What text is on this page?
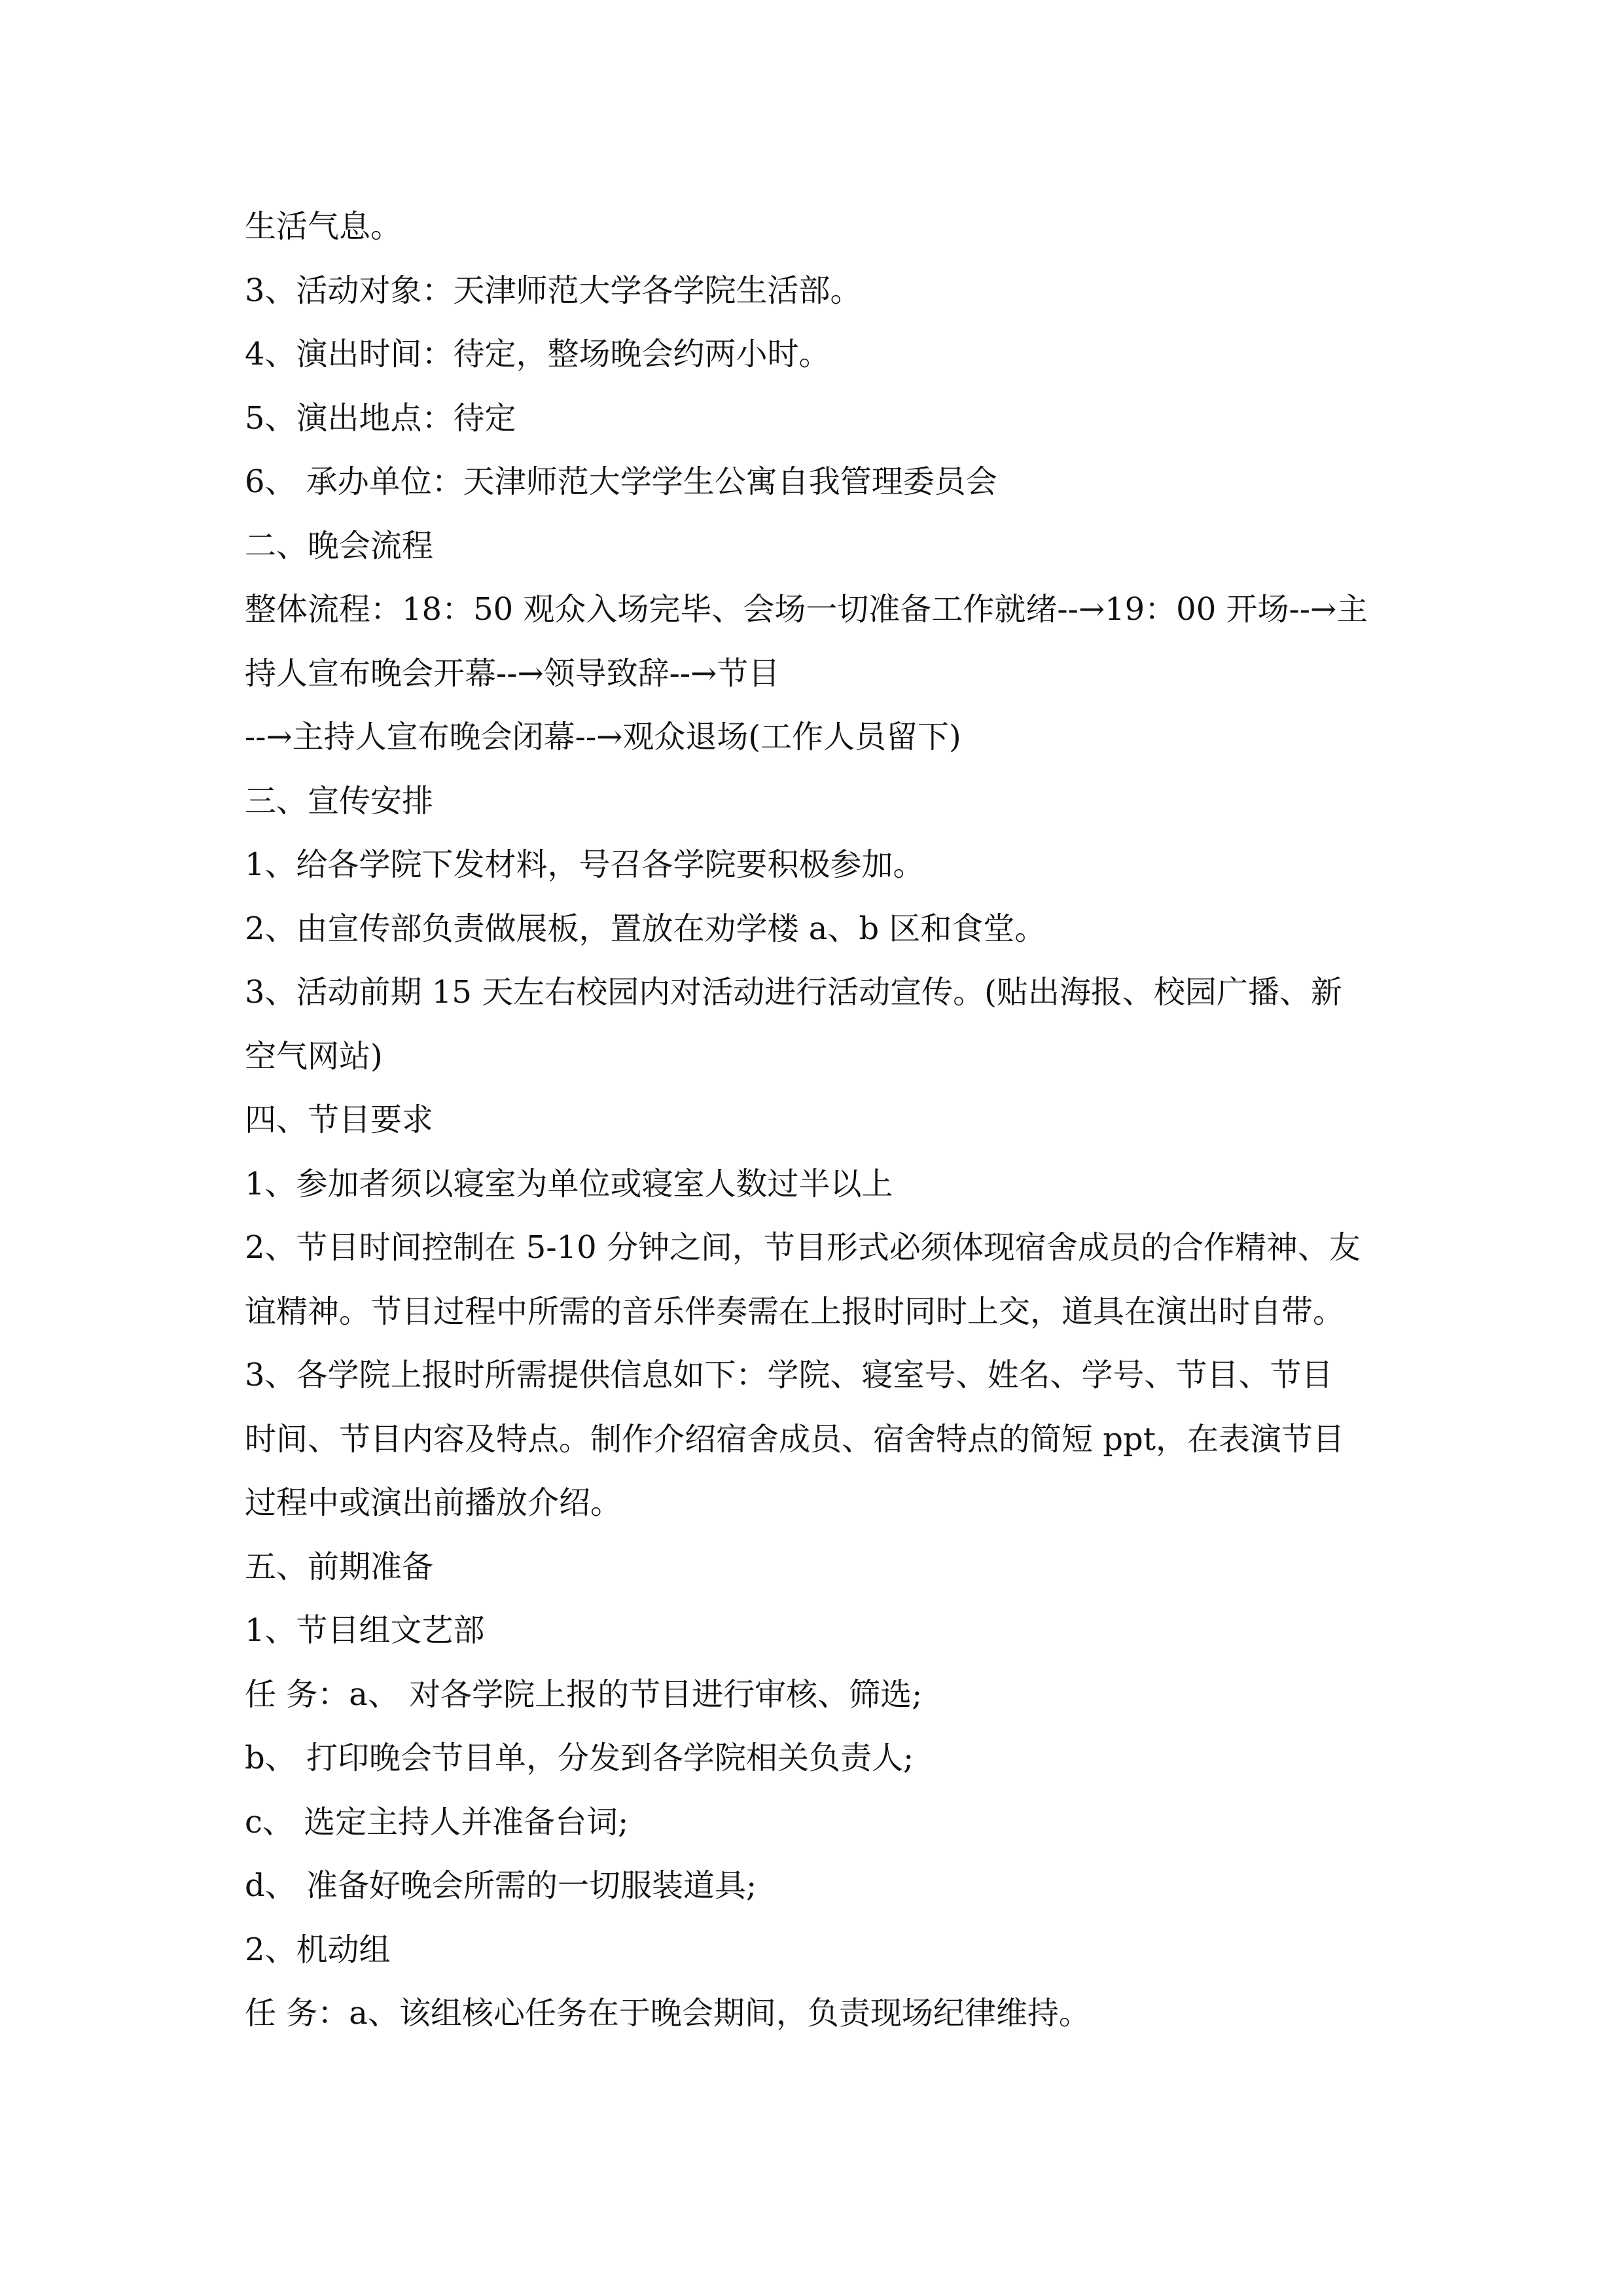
生活气息。
3、活动对象：天津师范大学各学院生活部。
4、演出时间：待定，整场晚会约两小时。
5、演出地点：待定
6、 承办单位：天津师范大学学生公寓自我管理委员会
二、晚会流程
整体流程：18：50 观众入场完毕、会场一切准备工作就绪--→19：00 开场--→主
持人宣布晚会开幕--→领导致辞--→节目
--→主持人宣布晚会闭幕--→观众退场(工作人员留下)
三、宣传安排
1、给各学院下发材料，号召各学院要积极参加。
2、由宣传部负责做展板，置放在劝学楼 a、b 区和食堂。
3、活动前期 15 天左右校园内对活动进行活动宣传。(贴出海报、校园广播、新
空气网站)
四、节目要求
1、参加者须以寝室为单位或寝室人数过半以上
2、节目时间控制在 5-10 分钟之间，节目形式必须体现宿舍成员的合作精神、友
谊精神。节目过程中所需的音乐伴奏需在上报时同时上交，道具在演出时自带。
3、各学院上报时所需提供信息如下：学院、寝室号、姓名、学号、节目、节目
时间、节目内容及特点。制作介绍宿舍成员、宿舍特点的简短 ppt，在表演节目
过程中或演出前播放介绍。
五、前期准备
1、节目组文艺部
任 务：a、 对各学院上报的节目进行审核、筛选;
b、 打印晚会节目单，分发到各学院相关负责人;
c、 选定主持人并准备台词;
d、 准备好晚会所需的一切服装道具;
2、机动组
任 务：a、该组核心任务在于晚会期间，负责现场纪律维持。
